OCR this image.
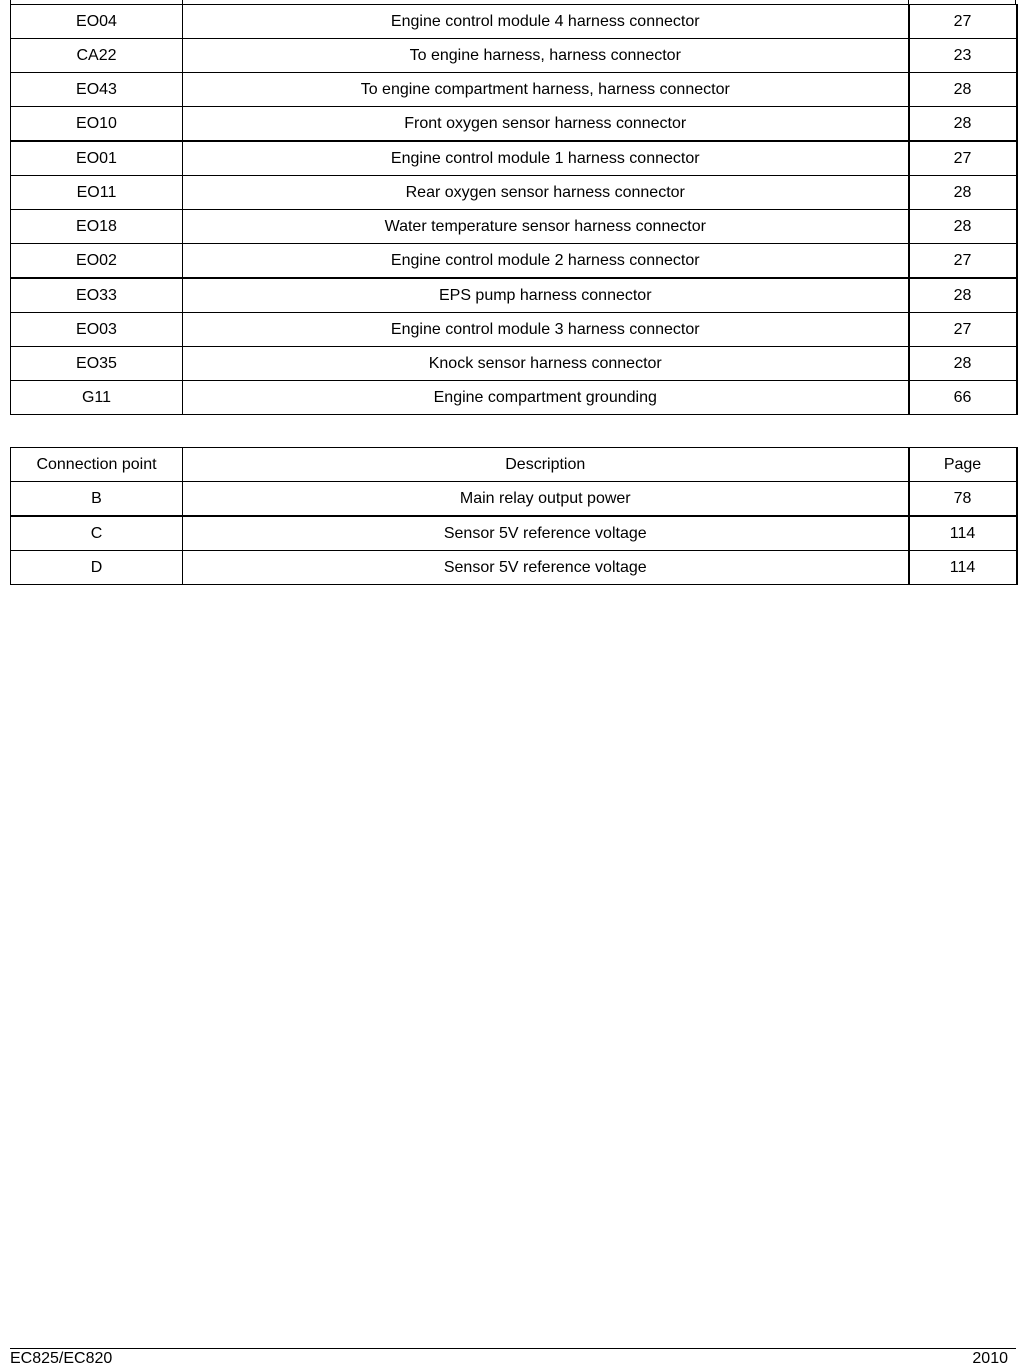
EO04	Engine control module 4 harness connector	27
CA22	To engine harness, harness connector	23
EO43	To engine compartment harness, harness connector	28
EO10	Front oxygen sensor harness connector	28
EO01	Engine control module 1 harness connector	27
EO11	Rear oxygen sensor harness connector	28
EO18	Water temperature sensor harness connector	28
EO02	Engine control module 2 harness connector	27
EO33	EPS pump harness connector	28
EO03	Engine control module 3 harness connector	27
EO35	Knock sensor harness connector	28
G11	Engine compartment grounding	66
Connection point	Description	Page
B	Main relay output power	78
C	Sensor 5V reference voltage	114
D	Sensor 5V reference voltage	114
EC825/EC820	2010
